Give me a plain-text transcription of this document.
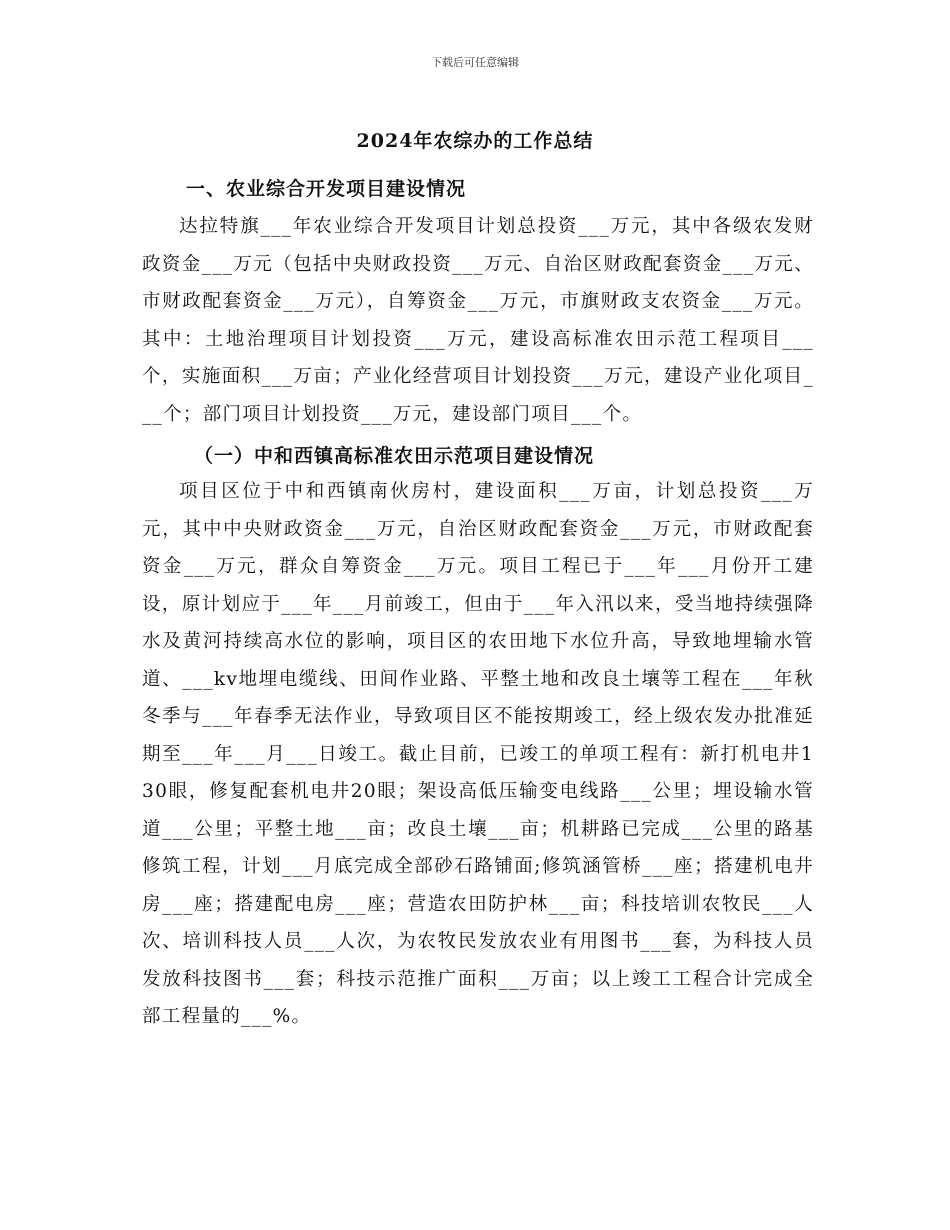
下载后可任意编辑
2024年农综办的工作总结

一、农业综合开发项目建设情况

达拉特旗___年农业综合开发项目计划总投资___万元，其中各级农发财政资金___万元（包括中央财政投资___万元、自治区财政配套资金___万元、市财政配套资金___万元），自筹资金___万元，市旗财政支农资金___万元。其中：土地治理项目计划投资___万元，建设高标准农田示范工程项目___个，实施面积___万亩；产业化经营项目计划投资___万元，建设产业化项目___个；部门项目计划投资___万元，建设部门项目___个。

（一）中和西镇高标准农田示范项目建设情况

项目区位于中和西镇南伙房村，建设面积___万亩，计划总投资___万元，其中中央财政资金___万元，自治区财政配套资金___万元，市财政配套资金___万元，群众自筹资金___万元。项目工程已于___年___月份开工建设，原计划应于___年___月前竣工，但由于___年入汛以来，受当地持续强降水及黄河持续高水位的影响，项目区的农田地下水位升高，导致地埋输水管道、___kv地埋电缆线、田间作业路、平整土地和改良土壤等工程在___年秋冬季与___年春季无法作业，导致项目区不能按期竣工，经上级农发办批准延期至___年___月___日竣工。截止目前，已竣工的单项工程有：新打机电井130眼，修复配套机电井20眼；架设高低压输变电线路___公里；埋设输水管道___公里；平整土地___亩；改良土壤___亩；机耕路已完成___公里的路基修筑工程，计划___月底完成全部砂石路铺面;修筑涵管桥___座；搭建机电井房___座；搭建配电房___座；营造农田防护林___亩；科技培训农牧民___人次、培训科技人员___人次，为农牧民发放农业有用图书___套，为科技人员发放科技图书___套；科技示范推广面积___万亩；以上竣工工程合计完成全部工程量的___%。
